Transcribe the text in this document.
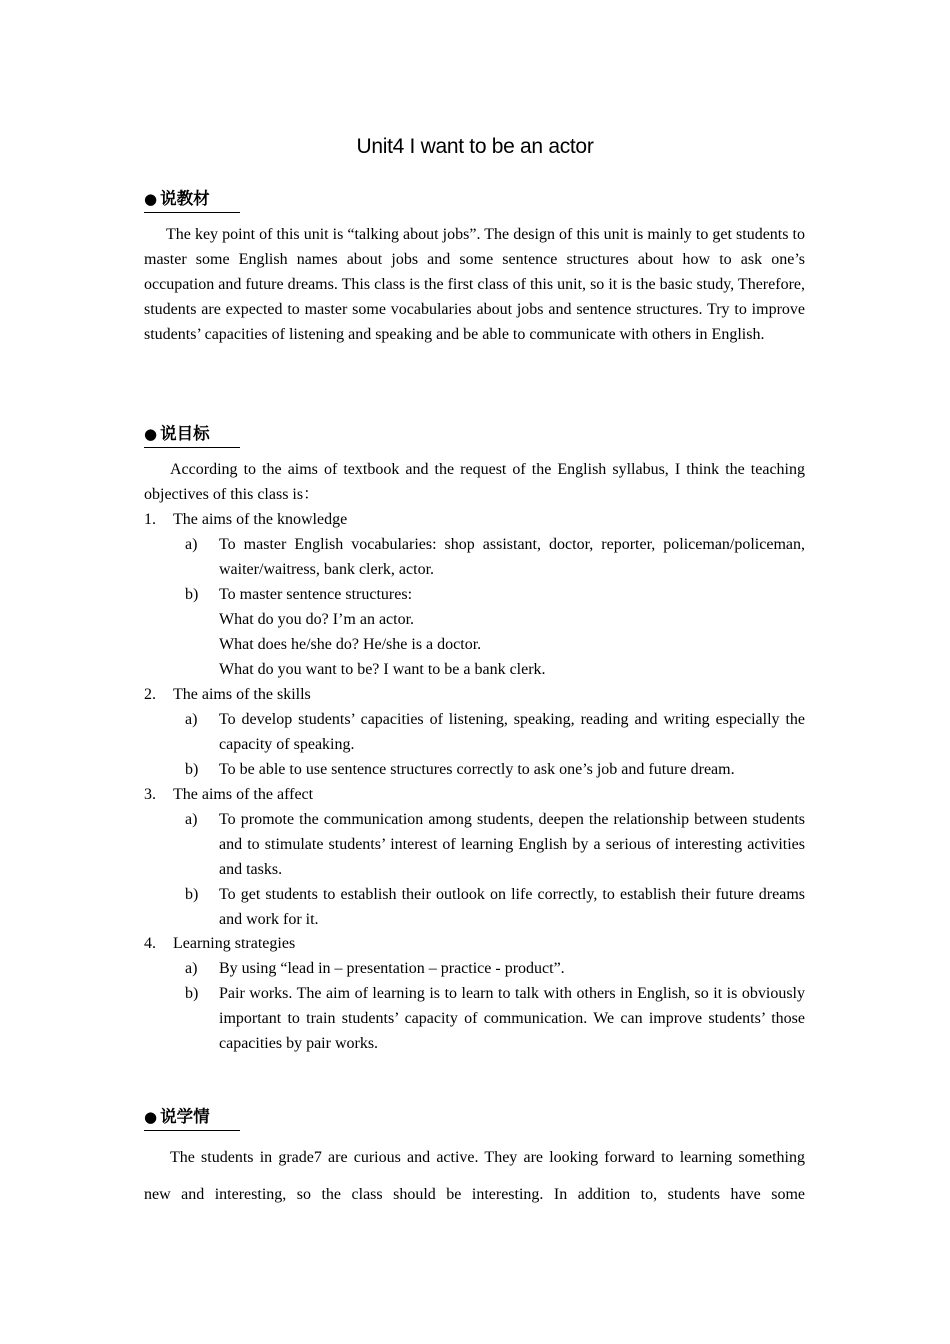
Unit4 I want to be an actor
● 说教材

The key point of this unit is “talking about jobs”. The design of this unit is mainly to get students to master some English names about jobs and some sentence structures about how to ask one’s occupation and future dreams. This class is the first class of this unit, so it is the basic study, Therefore, students are expected to master some vocabularies about jobs and sentence structures. Try to improve students’ capacities of listening and speaking and be able to communicate with others in English.

● 说目标

According to the aims of textbook and the request of the English syllabus, I think the teaching objectives of this class is：

1.	The aims of the knowledge
a)	To master English vocabularies: shop assistant, doctor, reporter, policeman/policeman, waiter/waitress, bank clerk, actor.
b)	To master sentence structures:
What do you do? I’m an actor.
What does he/she do? He/she is a doctor.
What do you want to be? I want to be a bank clerk.
2.	The aims of the skills
a)	To develop students’ capacities of listening, speaking, reading and writing especially the capacity of speaking.
b)	To be able to use sentence structures correctly to ask one’s job and future dream.
3.	The aims of the affect
a)	To promote the communication among students, deepen the relationship between students and to stimulate students’ interest of learning English by a serious of interesting activities and tasks.
b)	To get students to establish their outlook on life correctly, to establish their future dreams and work for it.
4.	Learning strategies
a)	By using “lead in – presentation – practice - product”.
b)	Pair works. The aim of learning is to learn to talk with others in English, so it is obviously important to train students’ capacity of communication. We can improve students’ those capacities by pair works.
● 说学情
The students in grade7 are curious and active. They are looking forward to learning something
new and interesting, so the class should be interesting. In addition to, students have some
